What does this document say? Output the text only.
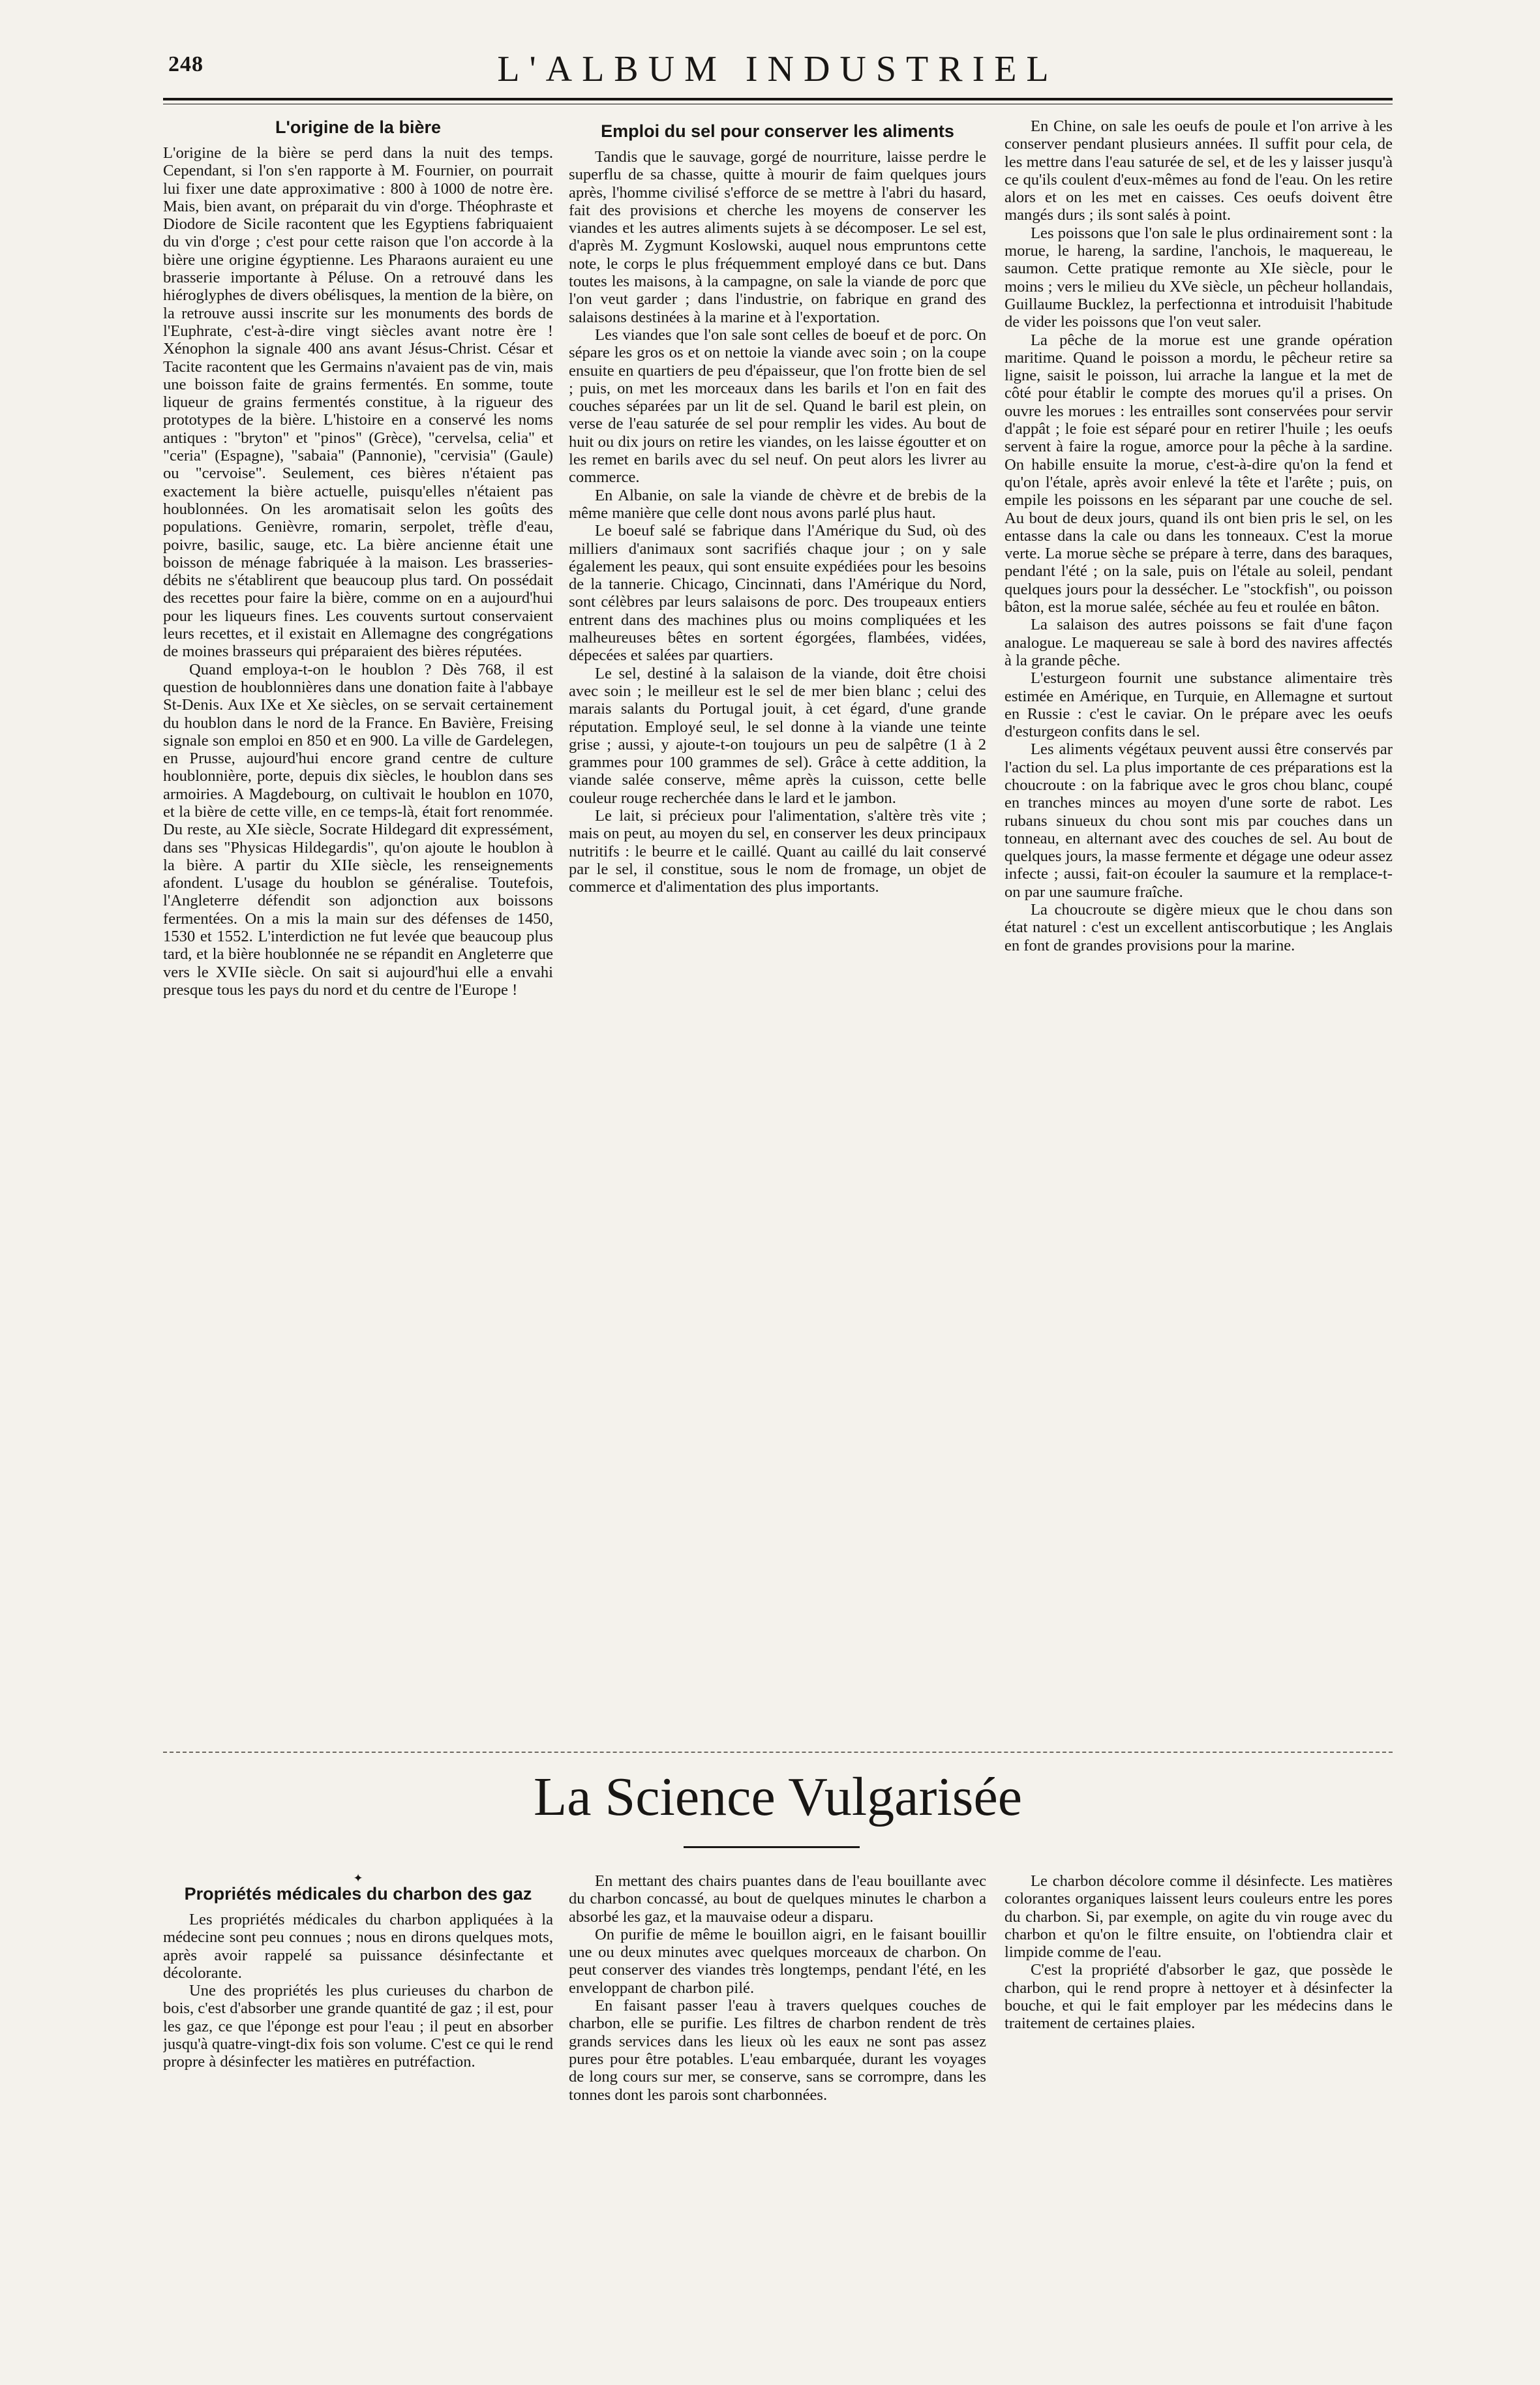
248	L'ALBUM INDUSTRIEL
L'origine de la bière

L'origine de la bière se perd dans la nuit des temps. Cependant, si l'on s'en rapporte à M. Fournier, on pourrait lui fixer une date approximative : 800 à 1000 de notre ère. Mais, bien avant, on préparait du vin d'orge. Théophraste et Diodore de Sicile racontent que les Egyptiens fabriquaient du vin d'orge ; c'est pour cette raison que l'on accorde à la bière une origine égyptienne. Les Pharaons auraient eu une brasserie importante à Péluse. On a retrouvé dans les hiéroglyphes de divers obélisques, la mention de la bière, on la retrouve aussi inscrite sur les monuments des bords de l'Euphrate, c'est-à-dire vingt siècles avant notre ère ! Xénophon la signale 400 ans avant Jésus-Christ. César et Tacite racontent que les Germains n'avaient pas de vin, mais une boisson faite de grains fermentés. En somme, toute liqueur de grains fermentés constitue, à la rigueur des prototypes de la bière. L'histoire en a conservé les noms antiques : "bryton" et "pinos" (Grèce), "cervelsa, celia" et "ceria" (Espagne), "sabaia" (Pannonie), "cervisia" (Gaule) ou "cervoise". Seulement, ces bières n'étaient pas exactement la bière actuelle, puisqu'elles n'étaient pas houblonnées. On les aromatisait selon les goûts des populations. Genièvre, romarin, serpolet, trèfle d'eau, poivre, basilic, sauge, etc. La bière ancienne était une boisson de ménage fabriquée à la maison. Les brasseries-débits ne s'établirent que beaucoup plus tard. On possédait des recettes pour faire la bière, comme on en a aujourd'hui pour les liqueurs fines. Les couvents surtout conservaient leurs recettes, et il existait en Allemagne des congrégations de moines brasseurs qui préparaient des bières réputées.

Quand employa-t-on le houblon ? Dès 768, il est question de houblonnières dans une donation faite à l'abbaye St-Denis. Aux IXe et Xe siècles, on se servait certainement du houblon dans le nord de la France. En Bavière, Freising signale son emploi en 850 et en 900. La ville de Gardelegen, en Prusse, aujourd'hui encore grand centre de culture houblonnière, porte, depuis dix siècles, le houblon dans ses armoiries. A Magdebourg, on cultivait le houblon en 1070, et la bière de cette ville, en ce temps-là, était fort renommée. Du reste, au XIe siècle, Socrate Hildegard dit expressément, dans ses "Physicas Hildegardis", qu'on ajoute le houblon à la bière. A partir du XIIe siècle, les renseignements afondent. L'usage du houblon se généralise. Toutefois, l'Angleterre défendit son adjonction aux boissons fermentées. On a mis la main sur des défenses de 1450, 1530 et 1552. L'interdiction ne fut levée que beaucoup plus tard, et la bière houblonnée ne se répandit en Angleterre que vers le XVIIe siècle. On sait si aujourd'hui elle a envahi presque tous les pays du nord et du centre de l'Europe !

Emploi du sel pour conserver les aliments

Tandis que le sauvage, gorgé de nourriture, laisse perdre le superflu de sa chasse, quitte à mourir de faim quelques jours après, l'homme civilisé s'efforce de se mettre à l'abri du hasard, fait des provisions et cherche les moyens de conserver les viandes et les autres aliments sujets à se décomposer. Le sel est, d'après M. Zygmunt Koslowski, auquel nous empruntons cette note, le corps le plus fréquemment employé dans ce but. Dans toutes les maisons, à la campagne, on sale la viande de porc que l'on veut garder ; dans l'industrie, on fabrique en grand des salaisons destinées à la marine et à l'exportation.

Les viandes que l'on sale sont celles de boeuf et de porc. On sépare les gros os et on nettoie la viande avec soin ; on la coupe ensuite en quartiers de peu d'épaisseur, que l'on frotte bien de sel ; puis, on met les morceaux dans les barils et l'on en fait des couches séparées par un lit de sel. Quand le baril est plein, on verse de l'eau saturée de sel pour remplir les vides. Au bout de huit ou dix jours on retire les viandes, on les laisse égoutter et on les remet en barils avec du sel neuf. On peut alors les livrer au commerce.

En Albanie, on sale la viande de chèvre et de brebis de la même manière que celle dont nous avons parlé plus haut.

Le boeuf salé se fabrique dans l'Amérique du Sud, où des milliers d'animaux sont sacrifiés chaque jour ; on y sale également les peaux, qui sont ensuite expédiées pour les besoins de la tannerie. Chicago, Cincinnati, dans l'Amérique du Nord, sont célèbres par leurs salaisons de porc. Des troupeaux entiers entrent dans des machines plus ou moins compliquées et les malheureuses bêtes en sortent égorgées, flambées, vidées, dépecées et salées par quartiers.

Le sel, destiné à la salaison de la viande, doit être choisi avec soin ; le meilleur est le sel de mer bien blanc ; celui des marais salants du Portugal jouit, à cet égard, d'une grande réputation. Employé seul, le sel donne à la viande une teinte grise ; aussi, y ajoute-t-on toujours un peu de salpêtre (1 à 2 grammes pour 100 grammes de sel). Grâce à cette addition, la viande salée conserve, même après la cuisson, cette belle couleur rouge recherchée dans le lard et le jambon.

Le lait, si précieux pour l'alimentation, s'altère très vite ; mais on peut, au moyen du sel, en conserver les deux principaux nutritifs : le beurre et le caillé. Quant au caillé du lait conservé par le sel, il constitue, sous le nom de fromage, un objet de commerce et d'alimentation des plus importants.

En Chine, on sale les oeufs de poule et l'on arrive à les conserver pendant plusieurs années. Il suffit pour cela, de les mettre dans l'eau saturée de sel, et de les y laisser jusqu'à ce qu'ils coulent d'eux-mêmes au fond de l'eau. On les retire alors et on les met en caisses. Ces oeufs doivent être mangés durs ; ils sont salés à point.

Les poissons que l'on sale le plus ordinairement sont : la morue, le hareng, la sardine, l'anchois, le maquereau, le saumon. Cette pratique remonte au XIe siècle, pour le moins ; vers le milieu du XVe siècle, un pêcheur hollandais, Guillaume Bucklez, la perfectionna et introduisit l'habitude de vider les poissons que l'on veut saler.

La pêche de la morue est une grande opération maritime. Quand le poisson a mordu, le pêcheur retire sa ligne, saisit le poisson, lui arrache la langue et la met de côté pour établir le compte des morues qu'il a prises. On ouvre les morues : les entrailles sont conservées pour servir d'appât ; le foie est séparé pour en retirer l'huile ; les oeufs servent à faire la rogue, amorce pour la pêche à la sardine. On habille ensuite la morue, c'est-à-dire qu'on la fend et qu'on l'étale, après avoir enlevé la tête et l'arête ; puis, on empile les poissons en les séparant par une couche de sel. Au bout de deux jours, quand ils ont bien pris le sel, on les entasse dans la cale ou dans les tonneaux. C'est la morue verte. La morue sèche se prépare à terre, dans des baraques, pendant l'été ; on la sale, puis on l'étale au soleil, pendant quelques jours pour la dessécher. Le "stockfish", ou poisson bâton, est la morue salée, séchée au feu et roulée en bâton.

La salaison des autres poissons se fait d'une façon analogue. Le maquereau se sale à bord des navires affectés à la grande pêche.

L'esturgeon fournit une substance alimentaire très estimée en Amérique, en Turquie, en Allemagne et surtout en Russie : c'est le caviar. On le prépare avec les oeufs d'esturgeon confits dans le sel.

Les aliments végétaux peuvent aussi être conservés par l'action du sel. La plus importante de ces préparations est la choucroute : on la fabrique avec le gros chou blanc, coupé en tranches minces au moyen d'une sorte de rabot. Les rubans sinueux du chou sont mis par couches dans un tonneau, en alternant avec des couches de sel. Au bout de quelques jours, la masse fermente et dégage une odeur assez infecte ; aussi, fait-on écouler la saumure et la remplace-t-on par une saumure fraîche.

La choucroute se digère mieux que le chou dans son état naturel : c'est un excellent antiscorbutique ; les Anglais en font de grandes provisions pour la marine.

La Science Vulgarisée
✦
Propriétés médicales du charbon des gaz

Les propriétés médicales du charbon appliquées à la médecine sont peu connues ; nous en dirons quelques mots, après avoir rappelé sa puissance désinfectante et décolorante.

Une des propriétés les plus curieuses du charbon de bois, c'est d'absorber une grande quantité de gaz ; il est, pour les gaz, ce que l'éponge est pour l'eau ; il peut en absorber jusqu'à quatre-vingt-dix fois son volume. C'est ce qui le rend propre à désinfecter les matières en putréfaction.

En mettant des chairs puantes dans de l'eau bouillante avec du charbon concassé, au bout de quelques minutes le charbon a absorbé les gaz, et la mauvaise odeur a disparu.

On purifie de même le bouillon aigri, en le faisant bouillir une ou deux minutes avec quelques morceaux de charbon. On peut conserver des viandes très longtemps, pendant l'été, en les enveloppant de charbon pilé.

En faisant passer l'eau à travers quelques couches de charbon, elle se purifie. Les filtres de charbon rendent de très grands services dans les lieux où les eaux ne sont pas assez pures pour être potables. L'eau embarquée, durant les voyages de long cours sur mer, se conserve, sans se corrompre, dans les tonnes dont les parois sont charbonnées.

Le charbon décolore comme il désinfecte. Les matières colorantes organiques laissent leurs couleurs entre les pores du charbon. Si, par exemple, on agite du vin rouge avec du charbon et qu'on le filtre ensuite, on l'obtiendra clair et limpide comme de l'eau.

C'est la propriété d'absorber le gaz, que possède le charbon, qui le rend propre à nettoyer et à désinfecter la bouche, et qui le fait employer par les médecins dans le traitement de certaines plaies.
